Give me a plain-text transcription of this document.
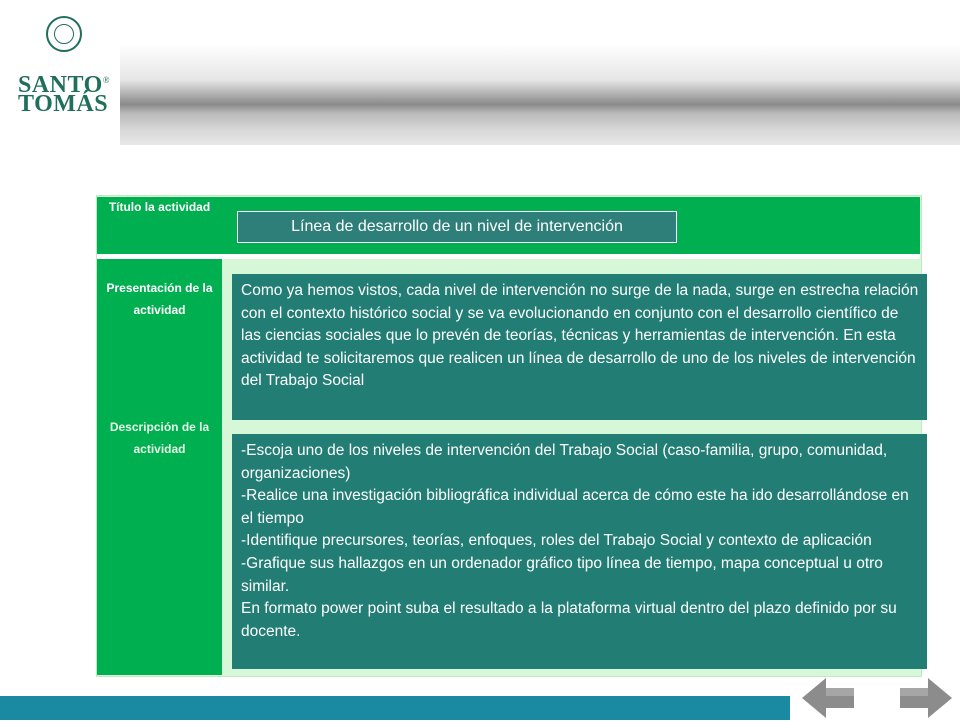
SANTO®
TOMÁS
Título la actividad
Presentación de la actividad
Descripción de la actividad
Línea de desarrollo de un nivel de intervención

Como ya hemos vistos, cada nivel de intervención no surge de la nada, surge en estrecha relación con el contexto histórico social y se va evolucionando en conjunto con el desarrollo científico de las ciencias sociales que lo prevén de teorías, técnicas y herramientas de intervención. En esta actividad te solicitaremos que realicen un línea de desarrollo de uno de los niveles de intervención del Trabajo Social

-Escoja uno de los niveles de intervención del Trabajo Social (caso-familia, grupo, comunidad, organizaciones)

-Realice una investigación bibliográfica individual acerca de cómo este ha ido desarrollándose en el tiempo

-Identifique precursores, teorías, enfoques, roles del Trabajo Social y contexto de aplicación

-Grafique sus hallazgos en un ordenador gráfico tipo línea de tiempo, mapa conceptual u otro similar.

En formato power point suba el resultado a la plataforma virtual dentro del plazo definido por su docente.
